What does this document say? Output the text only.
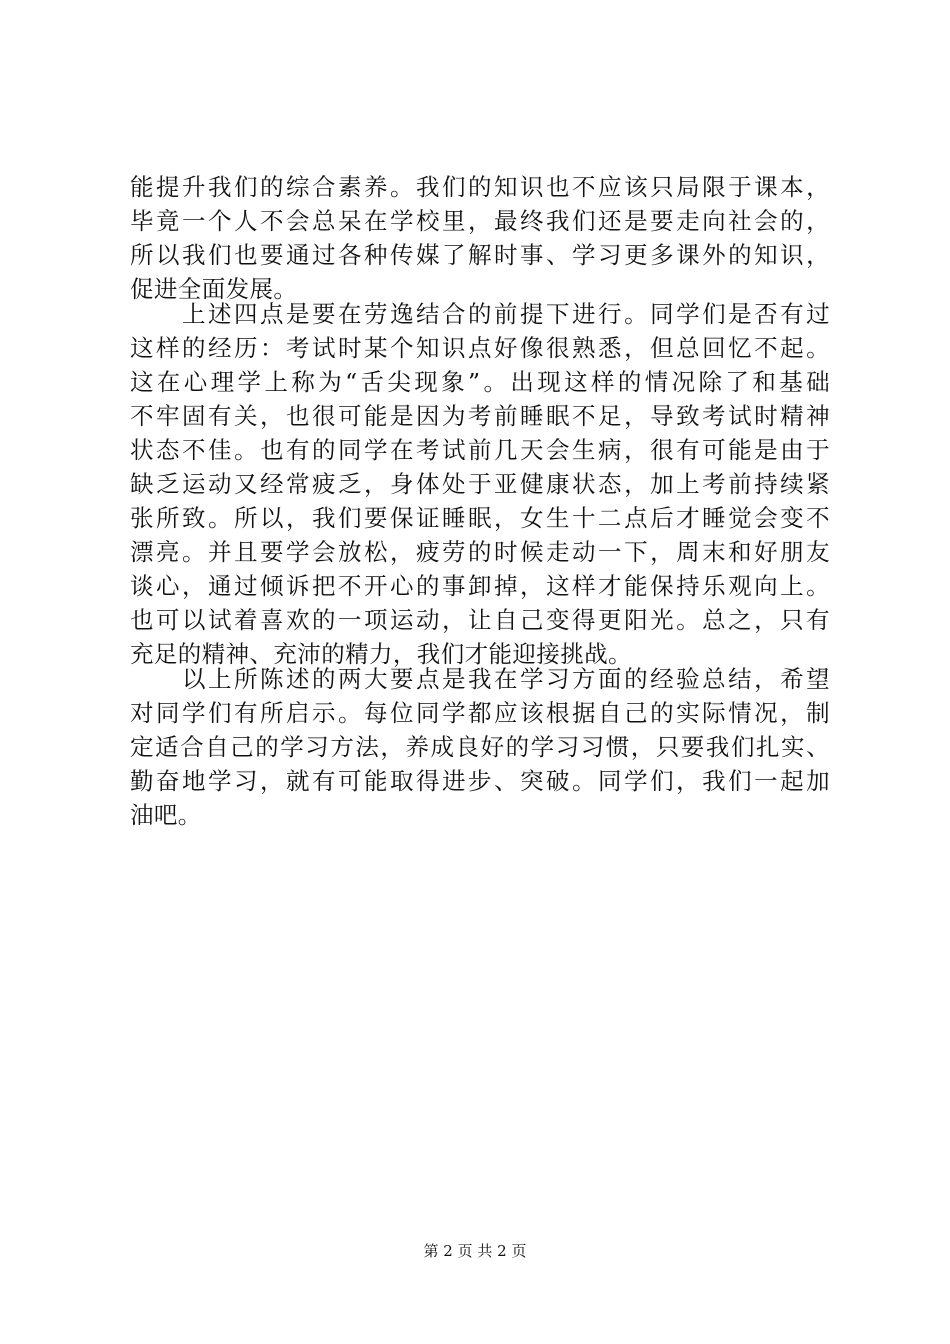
能提升我们的综合素养。我们的知识也不应该只局限于课本，
毕竟一个人不会总呆在学校里，最终我们还是要走向社会的，
所以我们也要通过各种传媒了解时事、学习更多课外的知识，
促进全面发展。
　　上述四点是要在劳逸结合的前提下进行。同学们是否有过
这样的经历：考试时某个知识点好像很熟悉，但总回忆不起。
这在心理学上称为“舌尖现象”。出现这样的情况除了和基础
不牢固有关，也很可能是因为考前睡眠不足，导致考试时精神
状态不佳。也有的同学在考试前几天会生病，很有可能是由于
缺乏运动又经常疲乏，身体处于亚健康状态，加上考前持续紧
张所致。所以，我们要保证睡眠，女生十二点后才睡觉会变不
漂亮。并且要学会放松，疲劳的时候走动一下，周末和好朋友
谈心，通过倾诉把不开心的事卸掉，这样才能保持乐观向上。
也可以试着喜欢的一项运动，让自己变得更阳光。总之，只有
充足的精神、充沛的精力，我们才能迎接挑战。
　　以上所陈述的两大要点是我在学习方面的经验总结，希望
对同学们有所启示。每位同学都应该根据自己的实际情况，制
定适合自己的学习方法，养成良好的学习习惯，只要我们扎实、
勤奋地学习，就有可能取得进步、突破。同学们，我们一起加
油吧。
第 2 页 共 2 页
